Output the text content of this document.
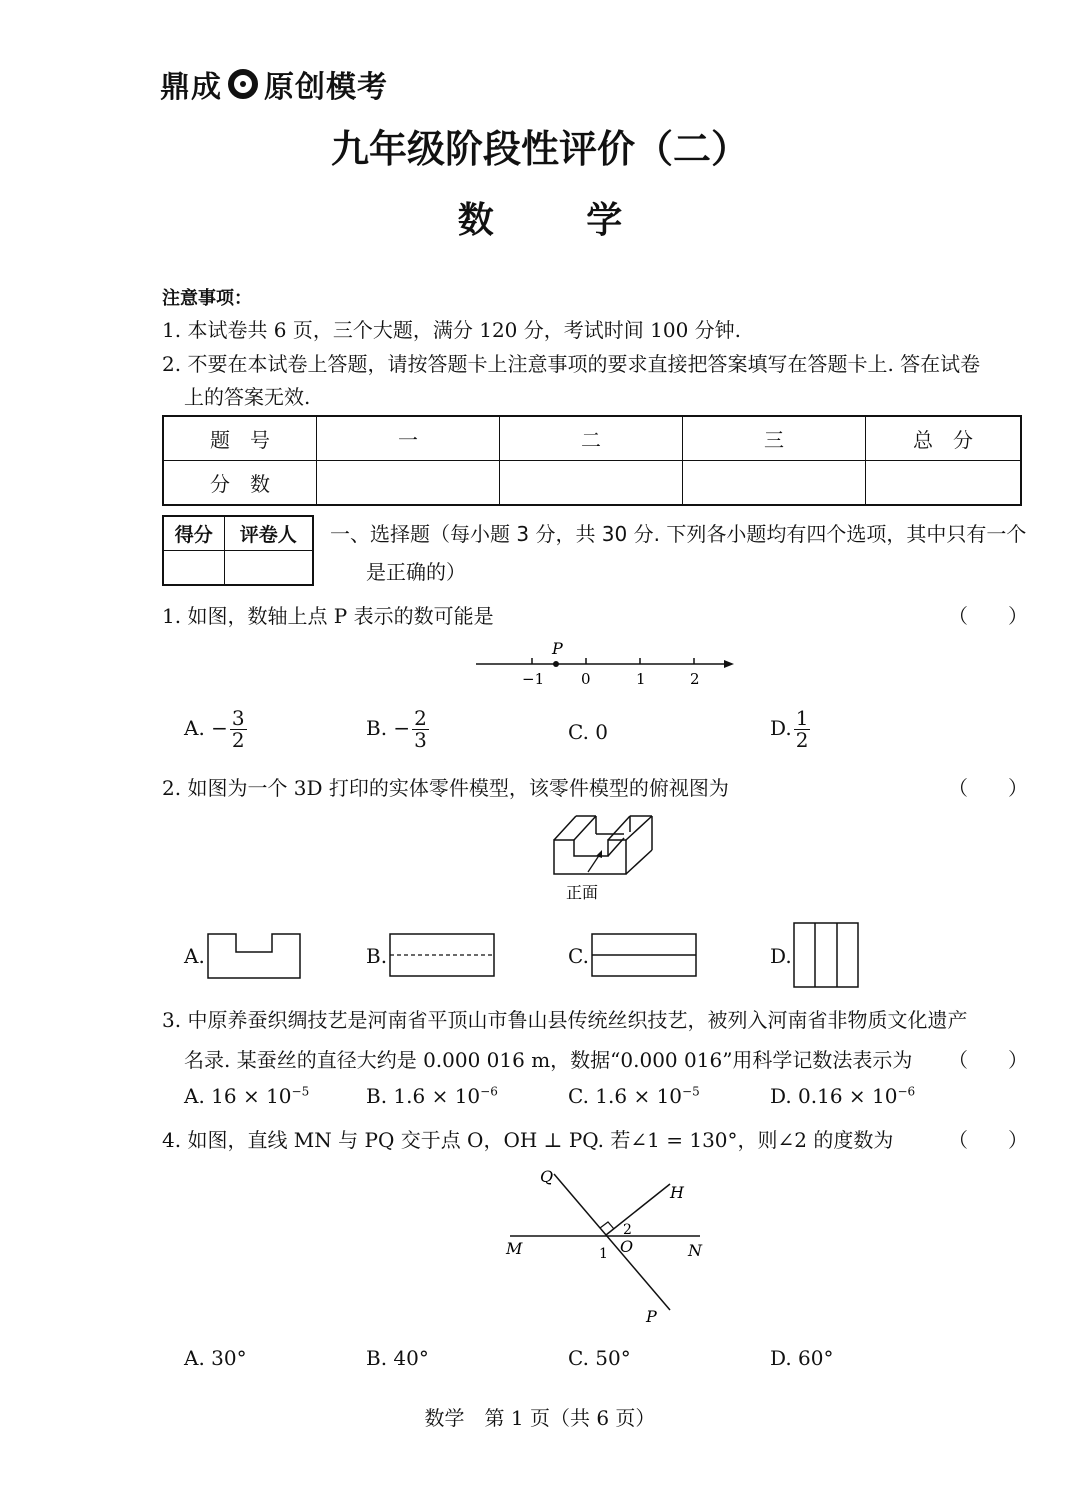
鼎成 原创模考
九年级阶段性评价（二）
数 学
注意事项：
1. 本试卷共 6 页，三个大题，满分 120 分，考试时间 100 分钟.
2. 不要在本试卷上答题，请按答题卡上注意事项的要求直接把答案填写在答题卡上. 答在试卷
上的答案无效.
题　号	一	二	三	总　分
分　数				
得分	评卷人
	一、选择题（每小题 3 分，共 30 分. 下列各小题均有四个选项，其中只有一个
是正确的）
1. 如图，数轴上点 P 表示的数可能是	（　　）
P
−1 0	1	2
A. − $\frac{3}{2}$	B. − $\frac{2}{3}$	C. 0	D. $\frac{1}{2}$
2. 如图为一个 3D 打印的实体零件模型，该零件模型的俯视图为	（　　）
正面
A.	B.	C.	D.
3. 中原养蚕织绸技艺是河南省平顶山市鲁山县传统丝织技艺，被列入河南省非物质文化遗产
名录. 某蚕丝的直径大约是 0.000 016 m，数据“0.000 016”用科学记数法表示为 （　　）
A. $16 \times 10^{-5}$	B. $1.6 \times 10^{-6}$	C. $1.6 \times 10^{-5}$	D. $0.16 \times 10^{-6}$
4. 如图，直线 MN 与 PQ 交于点 O，OH ⊥ PQ. 若∠1 = 130°，则∠2 的度数为	（　　）
Q
H
M	N
O
P
1
2
A. 30°	B. 40°	C. 50°	D. 60°
数学　第 1 页（共 6 页）
